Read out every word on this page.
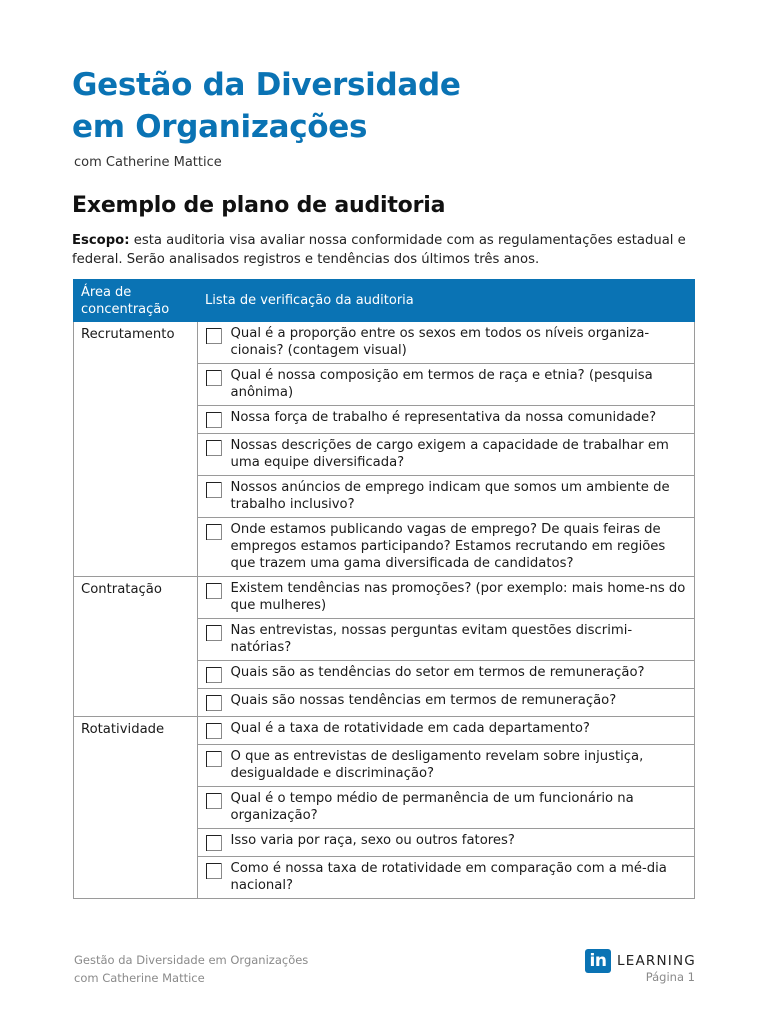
Gestão da Diversidade
em Organizações
com Catherine Mattice
Exemplo de plano de auditoria

Escopo: esta auditoria visa avaliar nossa conformidade com as regulamentações estadual e federal. Serão analisados registros e tendências dos últimos três anos.

Área de concentração	Lista de verificação da auditoria	
Recrutamento		Qual é a proporção entre os sexos em todos os níveis organiza-cionais? (contagem visual)

		Qual é nossa composição em termos de raça e etnia? (pesquisa anônima)

		Nossa força de trabalho é representativa da nossa comunidade?

		Nossas descrições de cargo exigem a capacidade de trabalhar em uma equipe diversificada?

		Nossos anúncios de emprego indicam que somos um ambiente de trabalho inclusivo?

		Onde estamos publicando vagas de emprego? De quais feiras de empregos estamos participando? Estamos recrutando em regiões que trazem uma gama diversificada de candidatos?
Contratação		Existem tendências nas promoções? (por exemplo: mais home-ns do que mulheres)

		Nas entrevistas, nossas perguntas evitam questões discrimi-natórias?

		Quais são as tendências do setor em termos de remuneração?

		Quais são nossas tendências em termos de remuneração?
Rotatividade		Qual é a taxa de rotatividade em cada departamento?

		O que as entrevistas de desligamento revelam sobre injustiça, desigualdade e discriminação?

		Qual é o tempo médio de permanência de um funcionário na organização?

		Isso varia por raça, sexo ou outros fatores?

		Como é nossa taxa de rotatividade em comparação com a mé-dia nacional?
Gestão da Diversidade em Organizações
com Catherine Mattice
in LEARNING
Página 1
